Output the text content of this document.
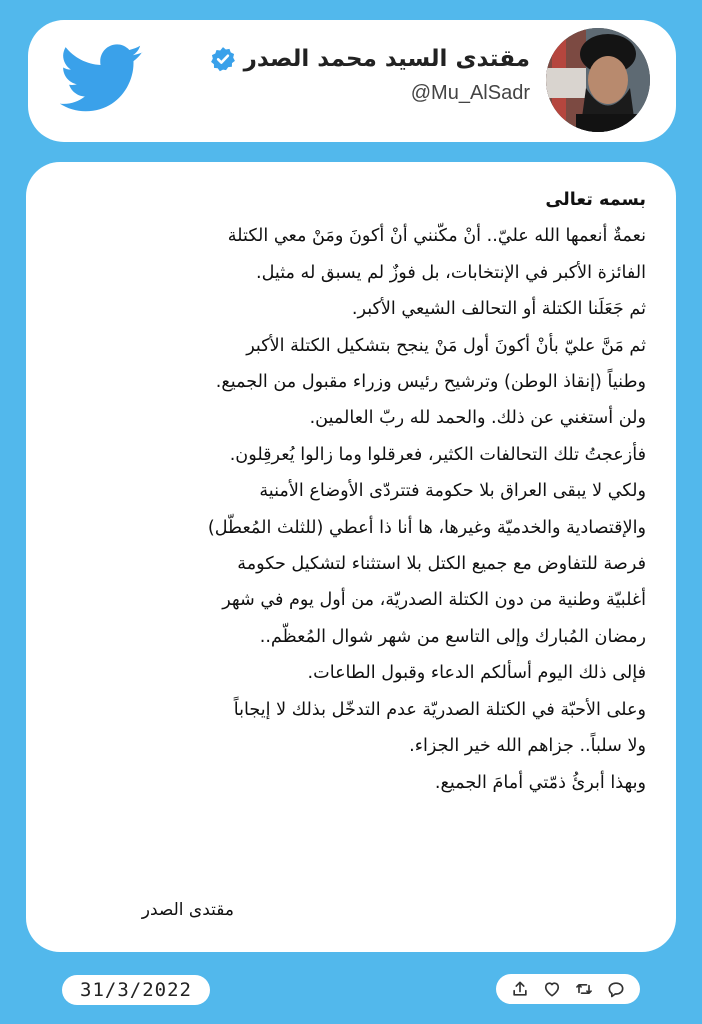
مقتدى السيد محمد الصدر
@Mu_AlSadr

بسمه تعالى

نعمةٌ أنعمها الله عليّ.. أنْ مكّنني أنْ أكونَ ومَنْ معي الكتلة

الفائزة الأكبر في الإنتخابات، بل فوزٌ لم يسبق له مثيل.

ثم جَعَلَنا الكتلة أو التحالف الشيعي الأكبر.

ثم مَنَّ عليّ بأنْ أكونَ أول مَنْ ينجح بتشكيل الكتلة الأكبر

وطنياً (إنقاذ الوطن) وترشيح رئيس وزراء مقبول من الجميع.

ولن أستغني عن ذلك. والحمد لله ربّ العالمين.

فأزعجتُ تلك التحالفات الكثير، فعرقلوا وما زالوا يُعرقِلون.

ولكي لا يبقى العراق بلا حكومة فتتردّى الأوضاع الأمنية

والإقتصادية والخدميّة وغيرها، ها أنا ذا أعطي (للثلث المُعطّل)

فرصة للتفاوض مع جميع الكتل بلا استثناء لتشكيل حكومة

أغلبيّة وطنية من دون الكتلة الصدريّة، من أول يوم في شهر

رمضان المُبارك وإلى التاسع من شهر شوال المُعظّم..

فإلى ذلك اليوم أسألكم الدعاء وقبول الطاعات.

وعلى الأحبّة في الكتلة الصدريّة عدم التدخّل بذلك لا إيجاباً

ولا سلباً.. جزاهم الله خير الجزاء.

وبهذا أبرئُ ذمّتي أمامَ الجميع.

مقتدى الصدر
31/3/2022
